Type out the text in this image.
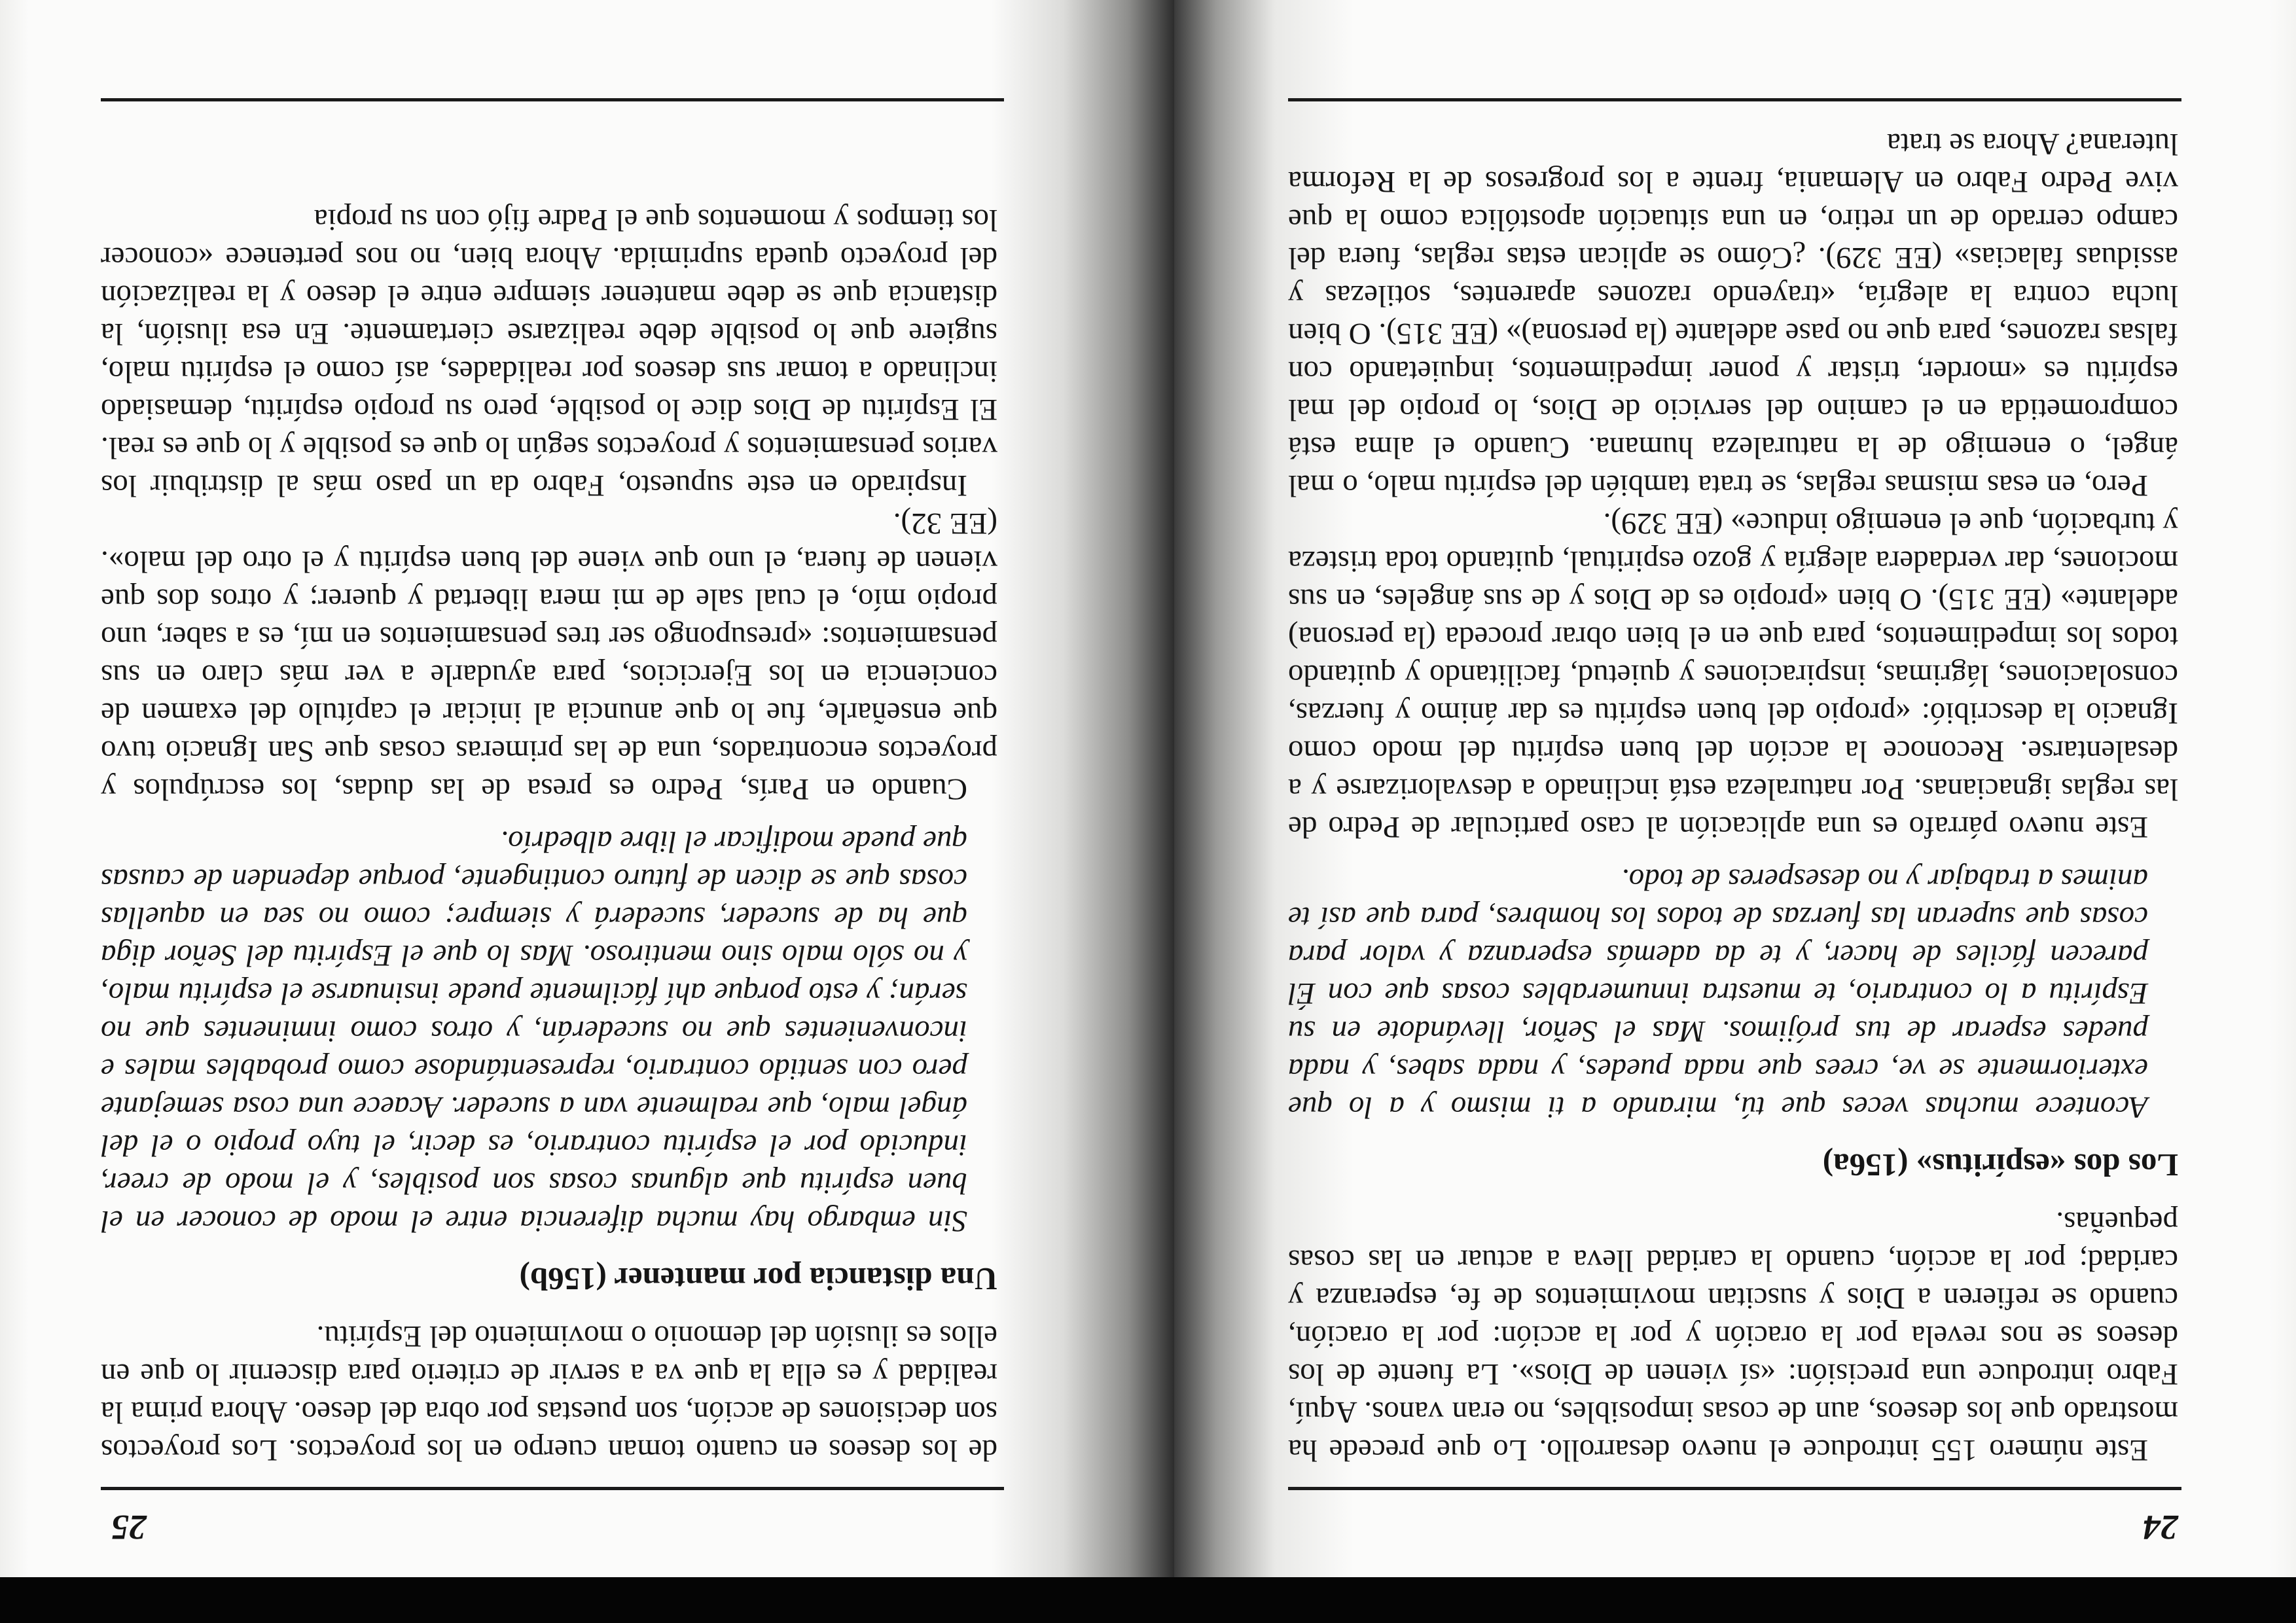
24

Este número 155 introduce el nuevo desarrollo. Lo que precede ha mostrado que los deseos, aun de cosas imposibles, no eran vanos. Aquí, Fabro introduce una precisión: «sí vienen de Dios». La fuente de los deseos se nos revela por la oración y por la acción: por la oración, cuando se refieren a Dios y suscitan movimientos de fe, esperanza y caridad; por la acción, cuando la caridad lleva a actuar en las cosas pequeñas.

Los dos «espíritus» (156a)

Acontece muchas veces que tú, mirando a ti mismo y a lo que exteriormente se ve, crees que nada puedes, y nada sabes, y nada puedes esperar de tus prójimos. Mas el Señor, llevándote en su Espíritu a lo contrario, te muestra innumerables cosas que con Él parecen fáciles de hacer, y te da además esperanza y valor para cosas que superan las fuerzas de todos los hombres, para que así te animes a trabajar y no desesperes de todo.

Este nuevo párrafo es una aplicación al caso particular de Pedro de las reglas ignacianas. Por naturaleza está inclinado a desvalorizarse y a desalentarse. Reconoce la acción del buen espíritu del modo como Ignacio la describió: «propio del buen espíritu es dar ánimo y fuerzas, consolaciones, lágrimas, inspiraciones y quietud, facilitando y quitando todos los impedimentos, para que en el bien obrar proceda (la persona) adelante» (EE 315). O bien «propio es de Dios y de sus ángeles, en sus mociones, dar verdadera alegría y gozo espiritual, quitando toda tristeza y turbación, que el enemigo induce» (EE 329).

Pero, en esas mismas reglas, se trata también del espíritu malo, o mal ángel, o enemigo de la naturaleza humana. Cuando el alma está comprometida en el camino del servicio de Dios, lo propio del mal espíritu es «morder, tristar y poner impedimentos, inquietando con falsas razones, para que no pase adelante (la persona)» (EE 315). O bien lucha contra la alegría, «trayendo razones aparentes, sotilezas y assiduas falacias» (EE 329). ¿Cómo se aplican estas reglas, fuera del campo cerrado de un retiro, en una situación apostólica como la que vive Pedro Fabro en Alemania, frente a los progresos de la Reforma luterana? Ahora se trata

25

de los deseos en cuanto toman cuerpo en los proyectos. Los proyectos son decisiones de acción, son puestas por obra del deseo. Ahora prima la realidad y es ella la que va a servir de criterio para discernir lo que en ellos es ilusión del demonio o movimiento del Espíritu.

Una distancia por mantener (156b)

Sin embargo hay mucha diferencia entre el modo de conocer en el buen espíritu que algunas cosas son posibles, y el modo de creer, inducido por el espíritu contrario, es decir, el tuyo propio o el del ángel malo, que realmente van a suceder. Acaece una cosa semejante pero con sentido contrario, representándose como probables males e inconvenientes que no sucederán, y otros como inminentes que no serán; y esto porque ahí fácilmente puede insinuarse el espíritu malo, y no sólo malo sino mentiroso. Mas lo que el Espíritu del Señor diga que ha de suceder, sucederá y siempre; como no sea en aquellas cosas que se dicen de futuro contingente, porque dependen de causas que puede modificar el libre albedrío.

Cuando en París, Pedro es presa de las dudas, los escrúpulos y proyectos encontrados, una de las primeras cosas que San Ignacio tuvo que enseñarle, fue lo que anuncia al iniciar el capítulo del examen de conciencia en los Ejercicios, para ayudarle a ver más claro en sus pensamientos: «presupongo ser tres pensamientos en mí, es a saber, uno propio mío, el cual sale de mi mera libertad y querer; y otros dos que vienen de fuera, el uno que viene del buen espíritu y el otro del malo». (EE 32).

Inspirado en este supuesto, Fabro da un paso más al distribuir los varios pensamientos y proyectos según lo que es posible y lo que es real. El Espíritu de Dios dice lo posible, pero su propio espíritu, demasiado inclinado a tomar sus deseos por realidades, así como el espíritu malo, sugiere que lo posible debe realizarse ciertamente. En esa ilusión, la distancia que se debe mantener siempre entre el deseo y la realización del proyecto queda suprimida. Ahora bien, no nos pertenece «conocer los tiempos y momentos que el Padre fijó con su propia
